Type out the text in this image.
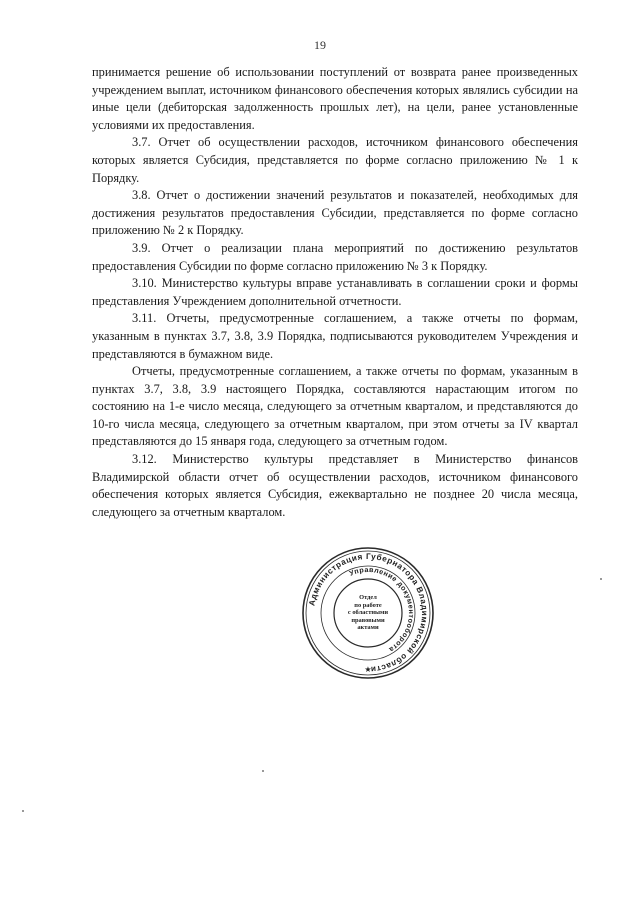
19

принимается решение об использовании поступлений от возврата ранее произведенных учреждением выплат, источником финансового обеспечения которых являлись субсидии на иные цели (дебиторская задолженность прошлых лет), на цели, ранее установленные условиями их предоставления.

3.7. Отчет об осуществлении расходов, источником финансового обеспечения которых является Субсидия, представляется по форме согласно приложению № 1 к Порядку.

3.8. Отчет о достижении значений результатов и показателей, необходимых для достижения результатов предоставления Субсидии, представляется по форме согласно приложению № 2 к Порядку.

3.9. Отчет о реализации плана мероприятий по достижению результатов предоставления Субсидии по форме согласно приложению № 3 к Порядку.

3.10. Министерство культуры вправе устанавливать в соглашении сроки и формы представления Учреждением дополнительной отчетности.

3.11. Отчеты, предусмотренные соглашением, а также отчеты по формам, указанным в пунктах 3.7, 3.8, 3.9 Порядка, подписываются руководителем Учреждения и представляются в бумажном виде.

Отчеты, предусмотренные соглашением, а также отчеты по формам, указанным в пунктах 3.7, 3.8, 3.9 настоящего Порядка, составляются нарастающим итогом по состоянию на 1-е число месяца, следующего за отчетным кварталом, и представляются до 10-го числа месяца, следующего за отчетным кварталом, при этом отчеты за IV квартал представляются до 15 января года, следующего за отчетным годом.

3.12. Министерство культуры представляет в Министерство финансов Владимирской области отчет об осуществлении расходов, источником финансового обеспечения которых является Субсидия, ежеквартально не позднее 20 числа месяца, следующего за отчетным кварталом.

Администрация Губернатора Владимирской области
Управление документооборота
★
Отдел
по работе
с областными
правовыми
актами
